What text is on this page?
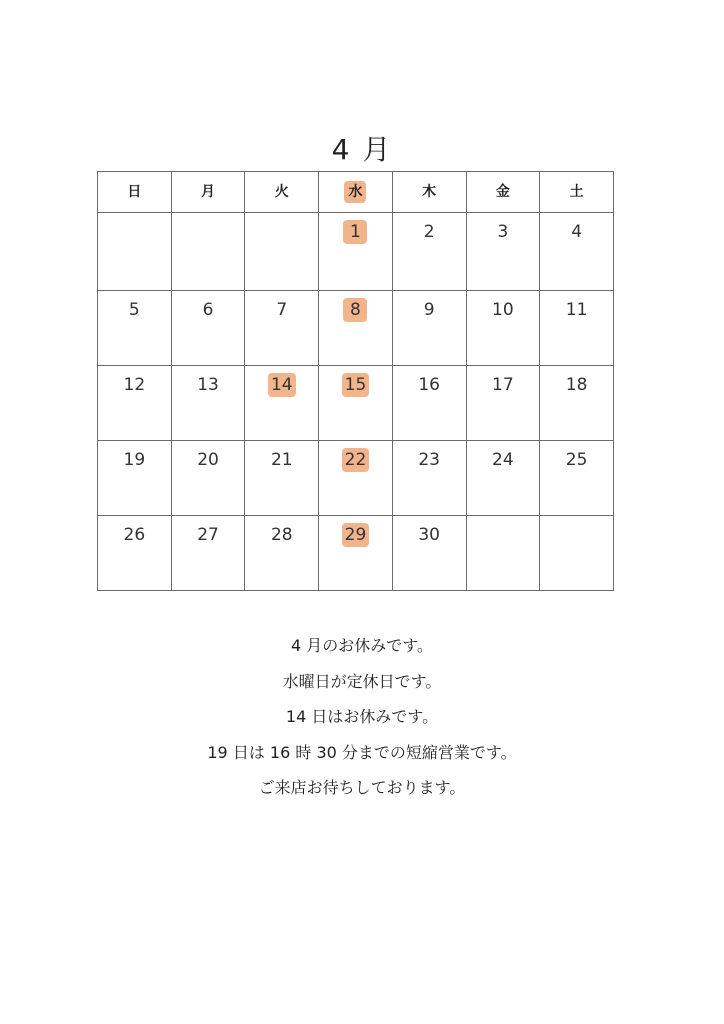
4 月
日	月	火	水	木	金	土
			1	2	3	4
5	6	7	8	9	10	11
12	13	14	15	16	17	18
19	20	21	22	23	24	25
26	27	28	29	30		

4 月のお休みです。

水曜日が定休日です。

14 日はお休みです。

19 日は 16 時 30 分までの短縮営業です。

ご来店お待ちしております。
